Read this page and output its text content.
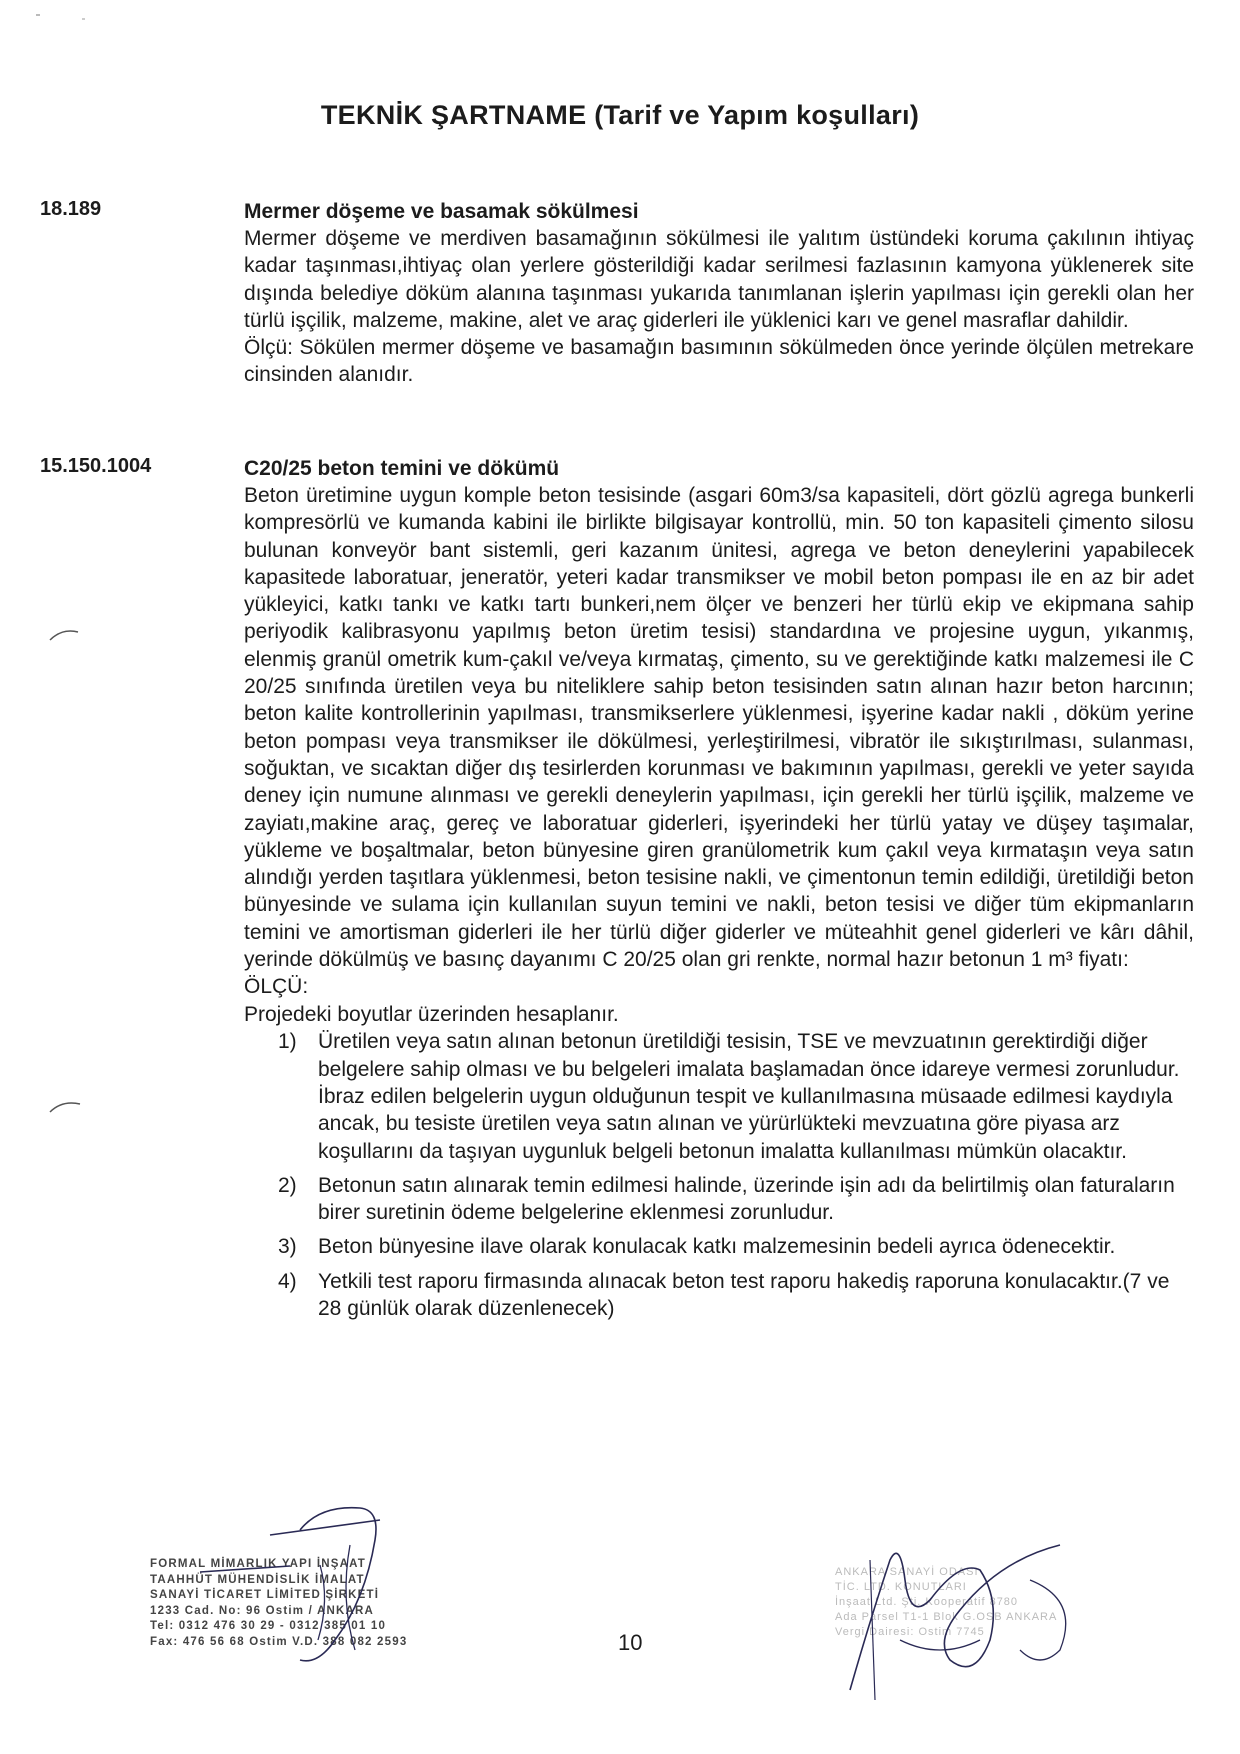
TEKNİK ŞARTNAME (Tarif ve Yapım koşulları)
18.189	Mermer döşeme ve basamak sökülmesi

Mermer döşeme ve merdiven basamağının sökülmesi ile yalıtım üstündeki koruma çakılının ihtiyaç kadar taşınması,ihtiyaç olan yerlere gösterildiği kadar serilmesi fazlasının kamyona yüklenerek site dışında belediye döküm alanına taşınması yukarıda tanımlanan işlerin yapılması için gerekli olan her türlü işçilik, malzeme, makine, alet ve araç giderleri ile yüklenici karı ve genel masraflar dahildir.

Ölçü: Sökülen mermer döşeme ve basamağın basımının sökülmeden önce yerinde ölçülen metrekare cinsinden alanıdır.

15.150.1004	C20/25 beton temini ve dökümü

Beton üretimine uygun komple beton tesisinde (asgari 60m3/sa kapasiteli, dört gözlü agrega bunkerli kompresörlü ve kumanda kabini ile birlikte bilgisayar kontrollü, min. 50 ton kapasiteli çimento silosu bulunan konveyör bant sistemli, geri kazanım ünitesi, agrega ve beton deneylerini yapabilecek kapasitede laboratuar, jeneratör, yeteri kadar transmikser ve mobil beton pompası ile en az bir adet yükleyici, katkı tankı ve katkı tartı bunkeri,nem ölçer ve benzeri her türlü ekip ve ekipmana sahip periyodik kalibrasyonu yapılmış beton üretim tesisi) standardına ve projesine uygun, yıkanmış, elenmiş granül ometrik kum-çakıl ve/veya kırmataş, çimento, su ve gerektiğinde katkı malzemesi ile C 20/25 sınıfında üretilen veya bu niteliklere sahip beton tesisinden satın alınan hazır beton harcının; beton kalite kontrollerinin yapılması, transmikserlere yüklenmesi, işyerine kadar nakli , döküm yerine beton pompası veya transmikser ile dökülmesi, yerleştirilmesi, vibratör ile sıkıştırılması, sulanması, soğuktan, ve sıcaktan diğer dış tesirlerden korunması ve bakımının yapılması, gerekli ve yeter sayıda deney için numune alınması ve gerekli deneylerin yapılması, için gerekli her türlü işçilik, malzeme ve zayiatı,makine araç, gereç ve laboratuar giderleri, işyerindeki her türlü yatay ve düşey taşımalar, yükleme ve boşaltmalar, beton bünyesine giren granülometrik kum çakıl veya kırmataşın veya satın alındığı yerden taşıtlara yüklenmesi, beton tesisine nakli, ve çimentonun temin edildiği, üretildiği beton bünyesinde ve sulama için kullanılan suyun temini ve nakli, beton tesisi ve diğer tüm ekipmanların temini ve amortisman giderleri ile her türlü diğer giderler ve müteahhit genel giderleri ve kârı dâhil, yerinde dökülmüş ve basınç dayanımı C 20/25 olan gri renkte, normal hazır betonun 1 m³ fiyatı:

ÖLÇÜ:

Projedeki boyutlar üzerinden hesaplanır.

1) Üretilen veya satın alınan betonun üretildiği tesisin, TSE ve mevzuatının gerektirdiği diğer belgelere sahip olması ve bu belgeleri imalata başlamadan önce idareye vermesi zorunludur. İbraz edilen belgelerin uygun olduğunun tespit ve kullanılmasına müsaade edilmesi kaydıyla ancak, bu tesiste üretilen veya satın alınan ve yürürlükteki mevzuatına göre piyasa arz koşullarını da taşıyan uygunluk belgeli betonun imalatta kullanılması mümkün olacaktır.
2) Betonun satın alınarak temin edilmesi halinde, üzerinde işin adı da belirtilmiş olan faturaların birer suretinin ödeme belgelerine eklenmesi zorunludur.
3) Beton bünyesine ilave olarak konulacak katkı malzemesinin bedeli ayrıca ödenecektir.
4) Yetkili test raporu firmasında alınacak beton test raporu hakediş raporuna konulacaktır.(7 ve 28 günlük olarak düzenlenecek)
FORMAL MİMARLIK YAPI İNŞAAT
TAAHHÜT MÜHENDİSLİK İMALAT
SANAYİ TİCARET LİMİTED ŞİRKETİ
1233 Cad. No: 96 Ostim / ANKARA
Tel: 0312 476 30 29 - 0312 385 01 10
Fax: 476 56 68 Ostim V.D. 388 082 2593	10
ANKARA SANAYİ ODASI
TİC. LTD. KONUTLARI
İnşaat Ltd. Şti. Kooperatif 8780
Ada Parsel T1-1 Blok G.OSB ANKARA
Vergi Dairesi: Ostim 7745
